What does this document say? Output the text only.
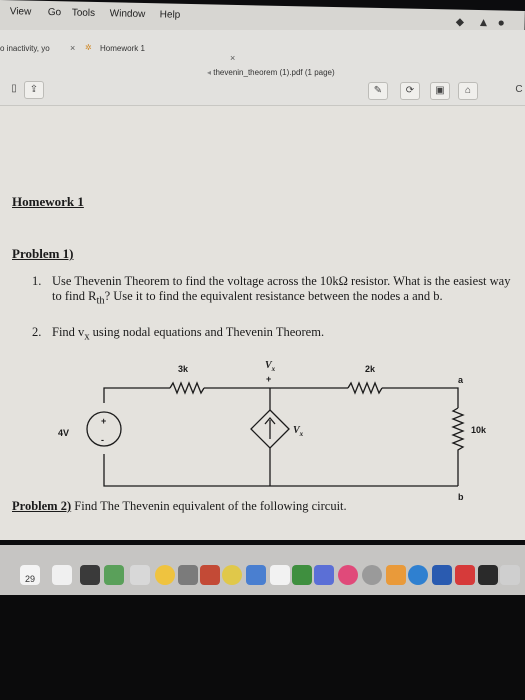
View Go Tools Window Help	⬥ ▲ ●
o inactivity, yo × ✲ Homework 1
×
◂ thevenin_theorem (1).pdf (1 page)
▯	⇪	✎	⟳	▣	⌂	C
Homework 1
Problem 1)
1. Use Thevenin Theorem to find the voltage across the 10kΩ resistor. What is the easiest way to find $R_{th}$? Use it to find the equivalent resistance between the nodes a and b.
2. Find $v_x$ using nodal equations and Thevenin Theorem.
3k	2k
$V_x$
+
4V
+
-
$V_x$
a
b
10k
Problem 2) Find The Thevenin equivalent of the following circuit.
29
